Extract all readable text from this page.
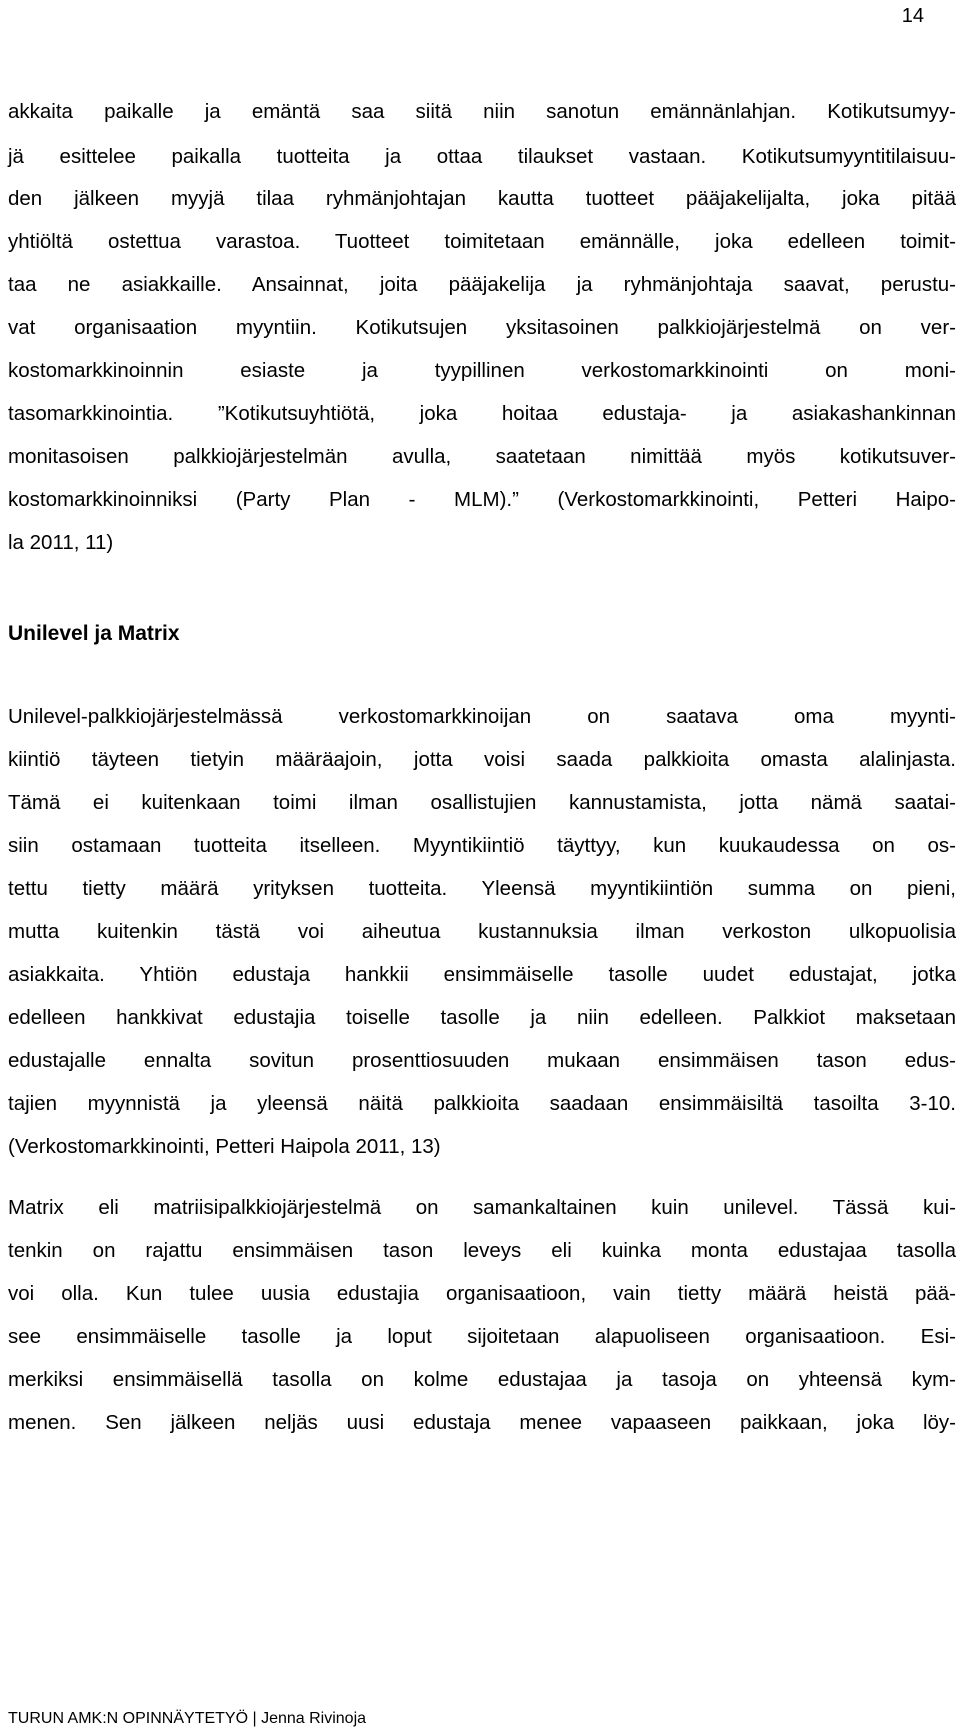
14
akkaita paikalle ja emäntä saa siitä niin sanotun emännänlahjan. Kotikutsumyy-
jä esittelee paikalla tuotteita ja ottaa tilaukset vastaan. Kotikutsumyyntitilaisuu-
den jälkeen myyjä tilaa ryhmänjohtajan kautta tuotteet pääjakelijalta, joka pitää
yhtiöltä ostettua varastoa. Tuotteet toimitetaan emännälle, joka edelleen toimit-
taa ne asiakkaille. Ansainnat, joita pääjakelija ja ryhmänjohtaja saavat, perustu-
vat organisaation myyntiin. Kotikutsujen yksitasoinen palkkiojärjestelmä on ver-
kostomarkkinoinnin esiaste ja tyypillinen verkostomarkkinointi on moni-
tasomarkkinointia. ”Kotikutsuyhtiötä, joka hoitaa edustaja- ja asiakashankinnan
monitasoisen palkkiojärjestelmän avulla, saatetaan nimittää myös kotikutsuver-
kostomarkkinoinniksi (Party Plan - MLM).” (Verkostomarkkinointi, Petteri Haipo-
la 2011, 11)
Unilevel ja Matrix
Unilevel-palkkiojärjestelmässä verkostomarkkinoijan on saatava oma myynti-
kiintiö täyteen tietyin määräajoin, jotta voisi saada palkkioita omasta alalinjasta.
Tämä ei kuitenkaan toimi ilman osallistujien kannustamista, jotta nämä saatai-
siin ostamaan tuotteita itselleen. Myyntikiintiö täyttyy, kun kuukaudessa on os-
tettu tietty määrä yrityksen tuotteita. Yleensä myyntikiintiön summa on pieni,
mutta kuitenkin tästä voi aiheutua kustannuksia ilman verkoston ulkopuolisia
asiakkaita. Yhtiön edustaja hankkii ensimmäiselle tasolle uudet edustajat, jotka
edelleen hankkivat edustajia toiselle tasolle ja niin edelleen. Palkkiot maksetaan
edustajalle ennalta sovitun prosenttiosuuden mukaan ensimmäisen tason edus-
tajien myynnistä ja yleensä näitä palkkioita saadaan ensimmäisiltä tasoilta 3-10.
(Verkostomarkkinointi, Petteri Haipola 2011, 13)
Matrix eli matriisipalkkiojärjestelmä on samankaltainen kuin unilevel. Tässä kui-
tenkin on rajattu ensimmäisen tason leveys eli kuinka monta edustajaa tasolla
voi olla. Kun tulee uusia edustajia organisaatioon, vain tietty määrä heistä pää-
see ensimmäiselle tasolle ja loput sijoitetaan alapuoliseen organisaatioon. Esi-
merkiksi ensimmäisellä tasolla on kolme edustajaa ja tasoja on yhteensä kym-
menen. Sen jälkeen neljäs uusi edustaja menee vapaaseen paikkaan, joka löy-
TURUN AMK:N OPINNÄYTETYÖ | Jenna Rivinoja
